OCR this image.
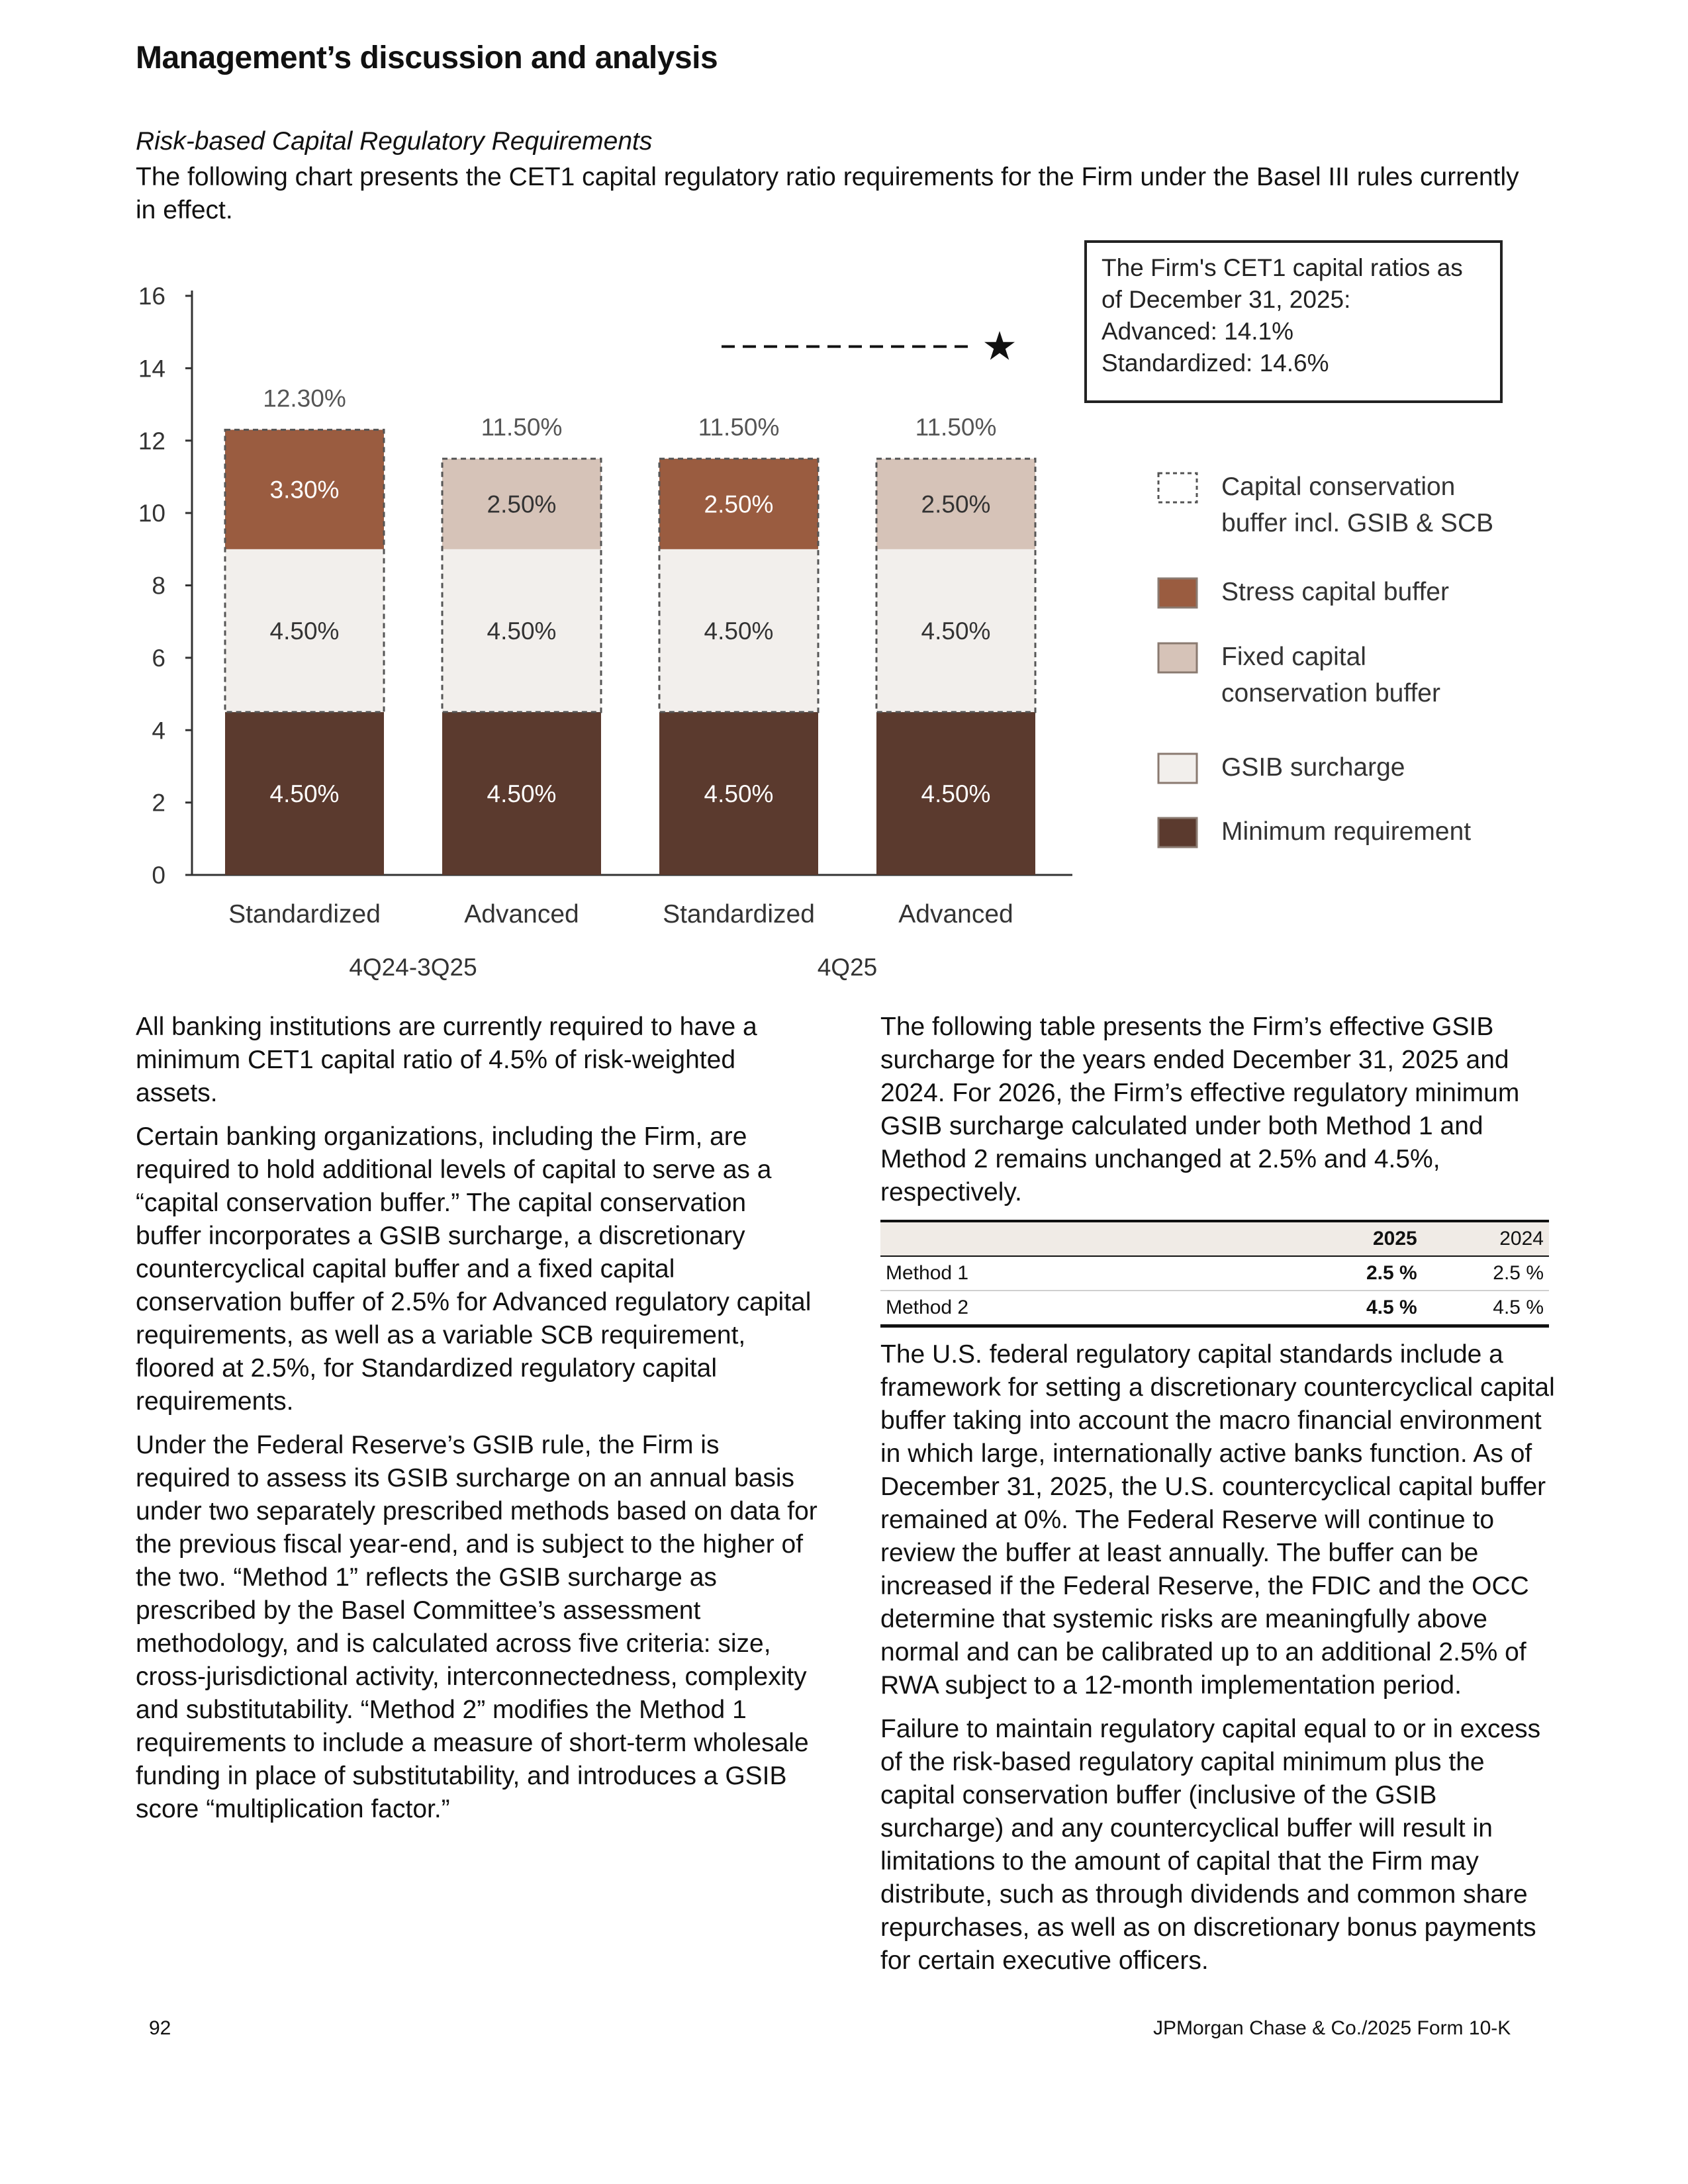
Management’s discussion and analysis
Risk-based Capital Regulatory Requirements
The following chart presents the CET1 capital regulatory ratio requirements for the Firm under the Basel III rules currently in effect.
0
2
4
6
8
10
12
14
16
4.50%
4.50%
3.30%
12.30%
Standardized
4.50%
4.50%
2.50%
11.50%
Advanced
4.50%
4.50%
2.50%
11.50%
Standardized
4.50%
4.50%
2.50%
11.50%
Advanced
4Q24-3Q25	4Q25
★
The Firm's CET1 capital ratios as
of December 31, 2025:
Advanced: 14.1%
Standardized: 14.6%
Capital conservation
buffer incl. GSIB & SCB
Stress capital buffer
Fixed capital
conservation buffer
GSIB surcharge
Minimum requirement

All banking institutions are currently required to have a minimum CET1 capital ratio of 4.5% of risk-weighted assets.

Certain banking organizations, including the Firm, are required to hold additional levels of capital to serve as a “capital conservation buffer.” The capital conservation buffer incorporates a GSIB surcharge, a discretionary countercyclical capital buffer and a fixed capital conservation buffer of 2.5% for Advanced regulatory capital requirements, as well as a variable SCB requirement, floored at 2.5%, for Standardized regulatory capital requirements.

Under the Federal Reserve’s GSIB rule, the Firm is required to assess its GSIB surcharge on an annual basis under two separately prescribed methods based on data for the previous fiscal year-end, and is subject to the higher of the two. “Method 1” reflects the GSIB surcharge as prescribed by the Basel Committee’s assessment methodology, and is calculated across five criteria: size, cross-jurisdictional activity, interconnectedness, complexity and substitutability. “Method 2” modifies the Method 1 requirements to include a measure of short-term wholesale funding in place of substitutability, and introduces a GSIB score “multiplication factor.”

The following table presents the Firm’s effective GSIB surcharge for the years ended December 31, 2025 and 2024. For 2026, the Firm’s effective regulatory minimum GSIB surcharge calculated under both Method 1 and Method 2 remains unchanged at 2.5% and 4.5%, respectively.

	2025	2024
Method 1	2.5 %	2.5 %
Method 2	4.5 %	4.5 %

The U.S. federal regulatory capital standards include a framework for setting a discretionary countercyclical capital buffer taking into account the macro financial environment in which large, internationally active banks function. As of December 31, 2025, the U.S. countercyclical capital buffer remained at 0%. The Federal Reserve will continue to review the buffer at least annually. The buffer can be increased if the Federal Reserve, the FDIC and the OCC determine that systemic risks are meaningfully above normal and can be calibrated up to an additional 2.5% of RWA subject to a 12-month implementation period.

Failure to maintain regulatory capital equal to or in excess of the risk-based regulatory capital minimum plus the capital conservation buffer (inclusive of the GSIB surcharge) and any countercyclical buffer will result in limitations to the amount of capital that the Firm may distribute, such as through dividends and common share repurchases, as well as on discretionary bonus payments for certain executive officers.

92	JPMorgan Chase & Co./2025 Form 10-K
